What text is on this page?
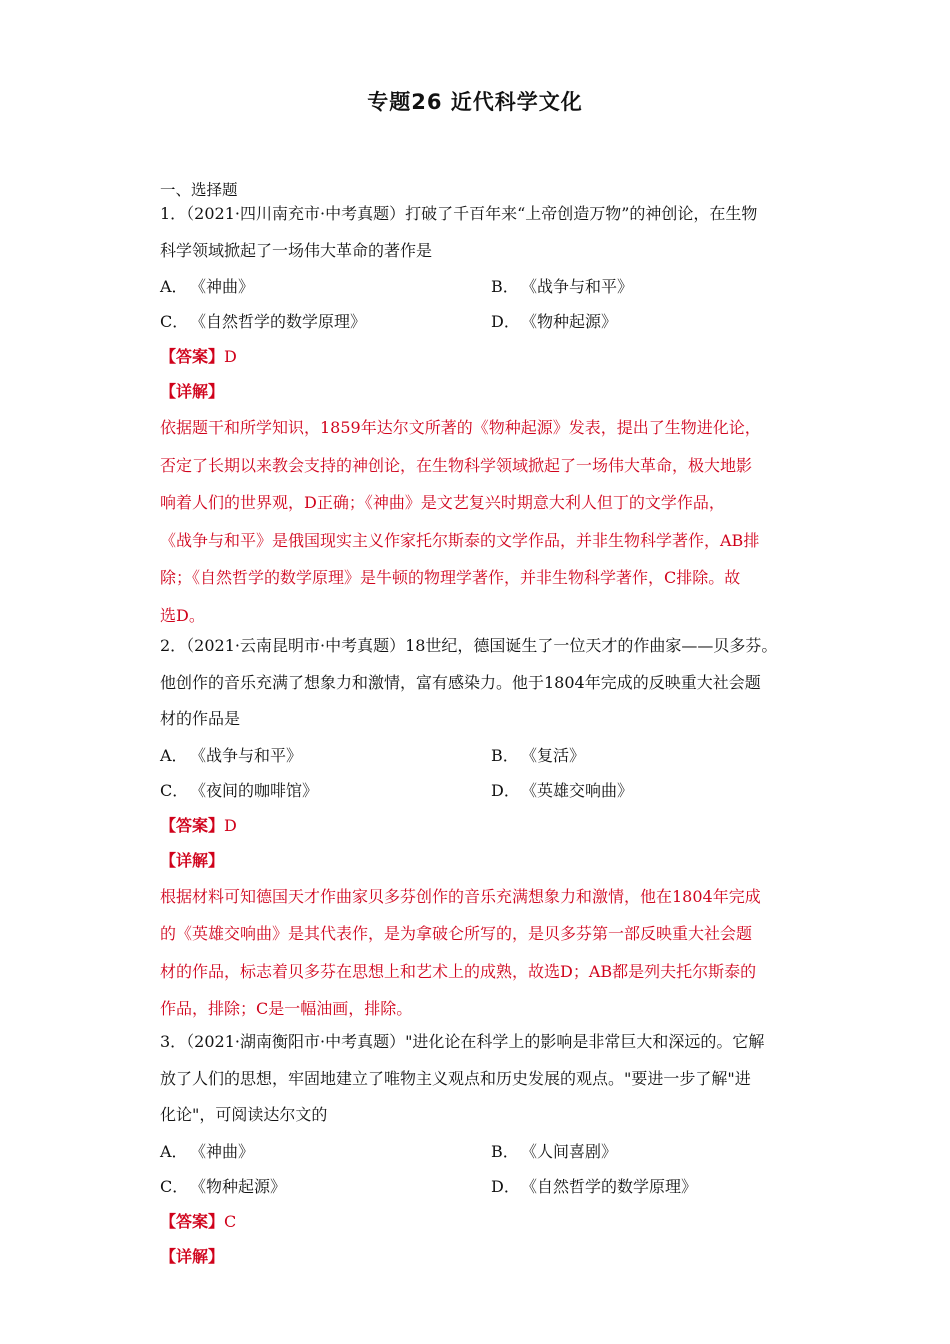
专题26 近代科学文化
一、选择题

1．（2021·四川南充市·中考真题）打破了千百年来“上帝创造万物”的神创论，在生物
科学领域掀起了一场伟大革命的著作是

A． 《神曲》	B． 《战争与和平》
C． 《自然哲学的数学原理》	D．《物种起源》
【答案】D
【详解】

依据题干和所学知识，1859年达尔文所著的《物种起源》发表，提出了生物进化论，
否定了长期以来教会支持的神创论，在生物科学领域掀起了一场伟大革命，极大地影
响着人们的世界观，D正确；《神曲》是文艺复兴时期意大利人但丁的文学作品，
《战争与和平》是俄国现实主义作家托尔斯泰的文学作品，并非生物科学著作，AB排
除；《自然哲学的数学原理》是牛顿的物理学著作，并非生物科学著作，C排除。故
选D。

2．（2021·云南昆明市·中考真题）18世纪，德国诞生了一位天才的作曲家——贝多芬。
他创作的音乐充满了想象力和激情，富有感染力。他于1804年完成的反映重大社会题
材的作品是

A． 《战争与和平》	B． 《复活》
C． 《夜间的咖啡馆》	D．《英雄交响曲》
【答案】D
【详解】

根据材料可知德国天才作曲家贝多芬创作的音乐充满想象力和激情，他在1804年完成
的《英雄交响曲》是其代表作，是为拿破仑所写的，是贝多芬第一部反映重大社会题
材的作品，标志着贝多芬在思想上和艺术上的成熟，故选D；AB都是列夫托尔斯泰的
作品，排除；C是一幅油画，排除。

3．（2021·湖南衡阳市·中考真题）"进化论在科学上的影响是非常巨大和深远的。它解
放了人们的思想，牢固地建立了唯物主义观点和历史发展的观点。"要进一步了解"进
化论"，可阅读达尔文的

A． 《神曲》	B． 《人间喜剧》
C． 《物种起源》	D．《自然哲学的数学原理》
【答案】C
【详解】
